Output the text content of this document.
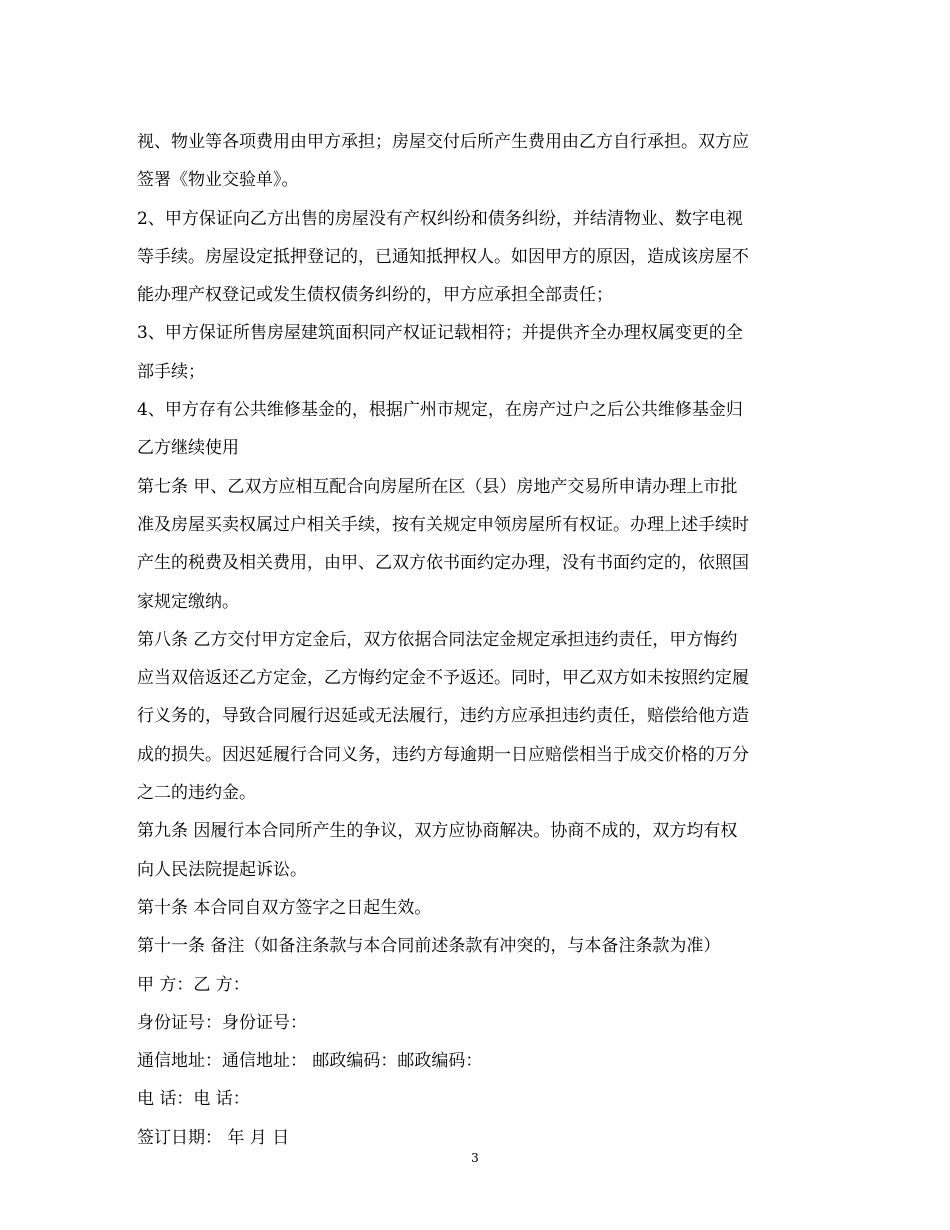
视、物业等各项费用由甲方承担；房屋交付后所产生费用由乙方自行承担。双方应
签署《物业交验单》。
2、甲方保证向乙方出售的房屋没有产权纠纷和债务纠纷，并结清物业、数字电视
等手续。房屋设定抵押登记的，已通知抵押权人。如因甲方的原因，造成该房屋不
能办理产权登记或发生债权债务纠纷的，甲方应承担全部责任；
3、甲方保证所售房屋建筑面积同产权证记载相符；并提供齐全办理权属变更的全
部手续；
4、甲方存有公共维修基金的，根据广州市规定，在房产过户之后公共维修基金归
乙方继续使用
第七条 甲、乙双方应相互配合向房屋所在区（县）房地产交易所申请办理上市批
准及房屋买卖权属过户相关手续，按有关规定申领房屋所有权证。办理上述手续时
产生的税费及相关费用，由甲、乙双方依书面约定办理，没有书面约定的，依照国
家规定缴纳。
第八条 乙方交付甲方定金后，双方依据合同法定金规定承担违约责任，甲方悔约
应当双倍返还乙方定金，乙方悔约定金不予返还。同时，甲乙双方如未按照约定履
行义务的，导致合同履行迟延或无法履行，违约方应承担违约责任，赔偿给他方造
成的损失。因迟延履行合同义务，违约方每逾期一日应赔偿相当于成交价格的万分
之二的违约金。
第九条 因履行本合同所产生的争议，双方应协商解决。协商不成的，双方均有权
向人民法院提起诉讼。
第十条 本合同自双方签字之日起生效。
第十一条 备注（如备注条款与本合同前述条款有冲突的，与本备注条款为准）
甲 方：乙 方：
身份证号：身份证号：
通信地址：通信地址： 邮政编码：邮政编码：
电 话：电 话：
签订日期： 年 月 日
3
